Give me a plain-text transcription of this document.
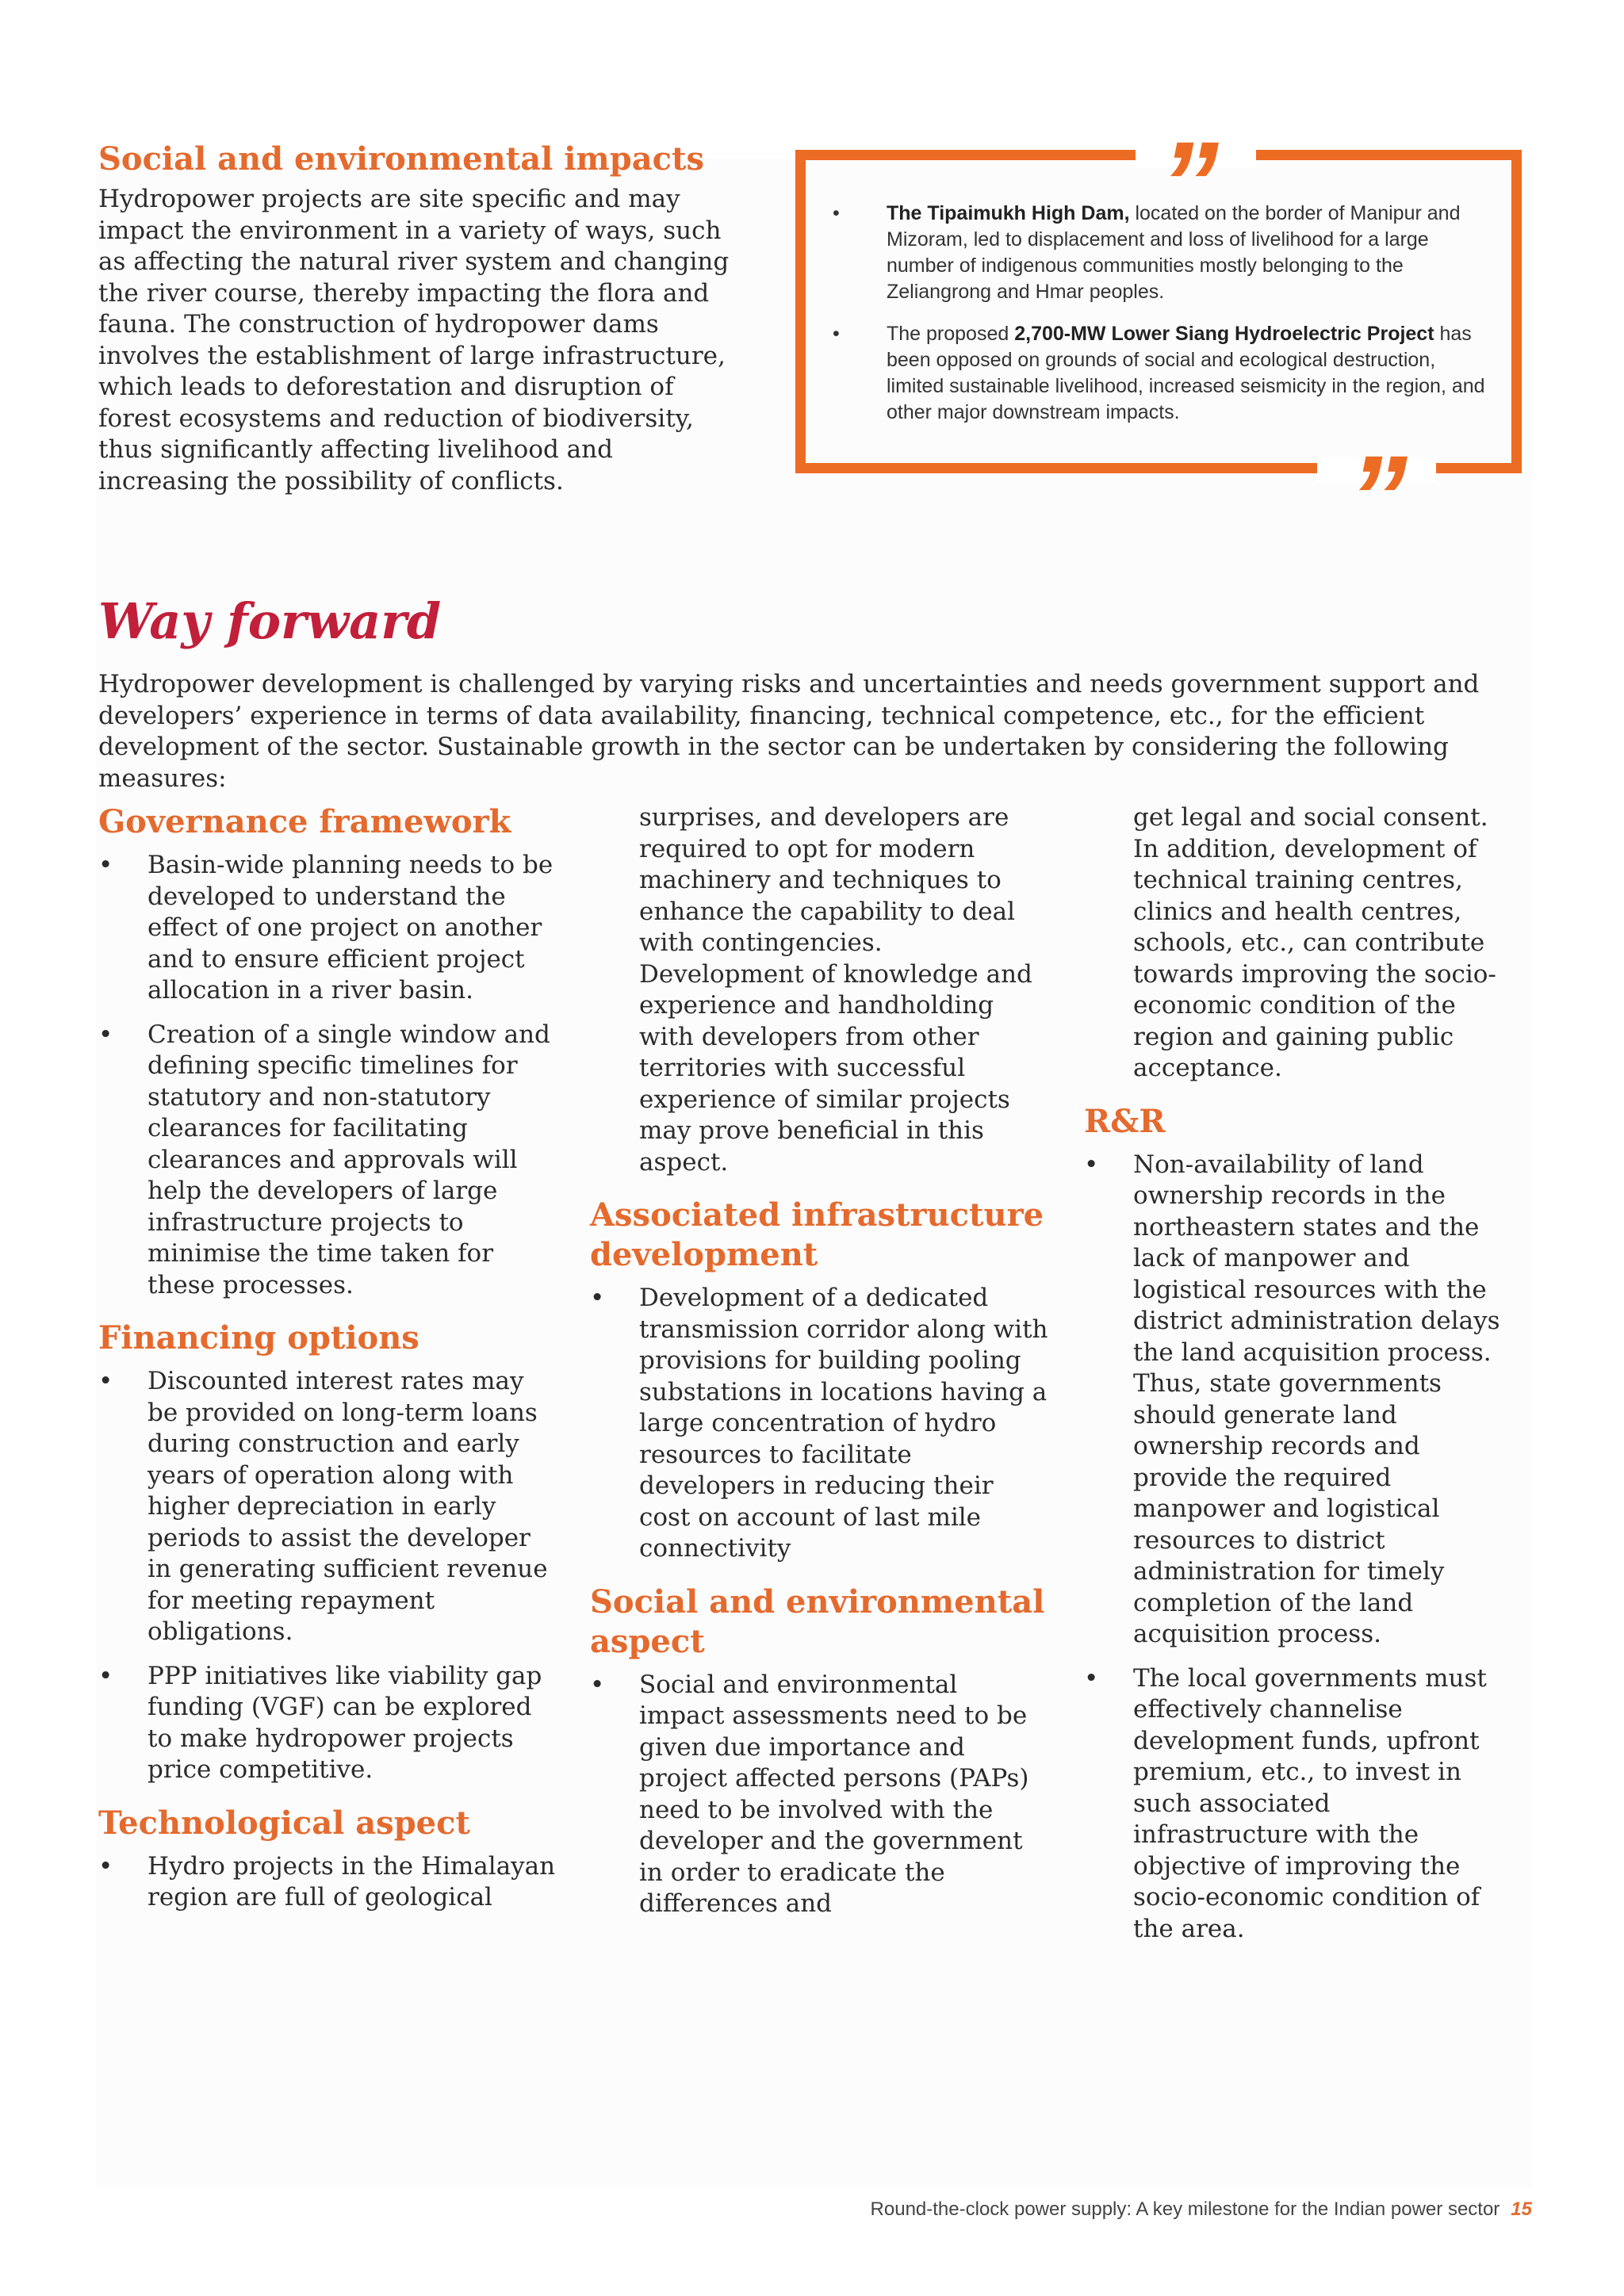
Social and environmental impacts

Hydropower projects are site specific and may impact the environment in a variety of ways, such as affecting the natural river system and changing the river course, thereby impacting the flora and fauna. The construction of hydropower dams involves the establishment of large infrastructure, which leads to deforestation and disruption of forest ecosystems and reduction of biodiversity, thus significantly affecting livelihood and increasing the possibility of conflicts.

”
”
• The Tipaimukh High Dam, located on the border of Manipur and Mizoram, led to displacement and loss of livelihood for a large number of indigenous communities mostly belonging to the Zeliangrong and Hmar peoples.
• The proposed 2,700-MW Lower Siang Hydroelectric Project has been opposed on grounds of social and ecological destruction, limited sustainable livelihood, increased seismicity in the region, and other major downstream impacts.
Way forward

Hydropower development is challenged by varying risks and uncertainties and needs government support and developers’ experience in terms of data availability, financing, technical competence, etc., for the efficient development of the sector. Sustainable growth in the sector can be undertaken by considering the following measures:

Governance framework
• Basin-wide planning needs to be developed to understand the effect of one project on another and to ensure efficient project allocation in a river basin.
• Creation of a single window and defining specific timelines for statutory and non-statutory clearances for facilitating clearances and approvals will help the developers of large infrastructure projects to minimise the time taken for these processes.
Financing options
• Discounted interest rates may be provided on long-term loans during construction and early years of operation along with higher depreciation in early periods to assist the developer in generating sufficient revenue for meeting repayment obligations.
• PPP initiatives like viability gap funding (VGF) can be explored to make hydropower projects price competitive.
Technological aspect
• Hydro projects in the Himalayan region are full of geological

surprises, and developers are required to opt for modern machinery and techniques to enhance the capability to deal with contingencies. Development of knowledge and experience and handholding with developers from other territories with successful experience of similar projects may prove beneficial in this aspect.

Associated infrastructure development
• Development of a dedicated transmission corridor along with provisions for building pooling substations in locations having a large concentration of hydro resources to facilitate developers in reducing their cost on account of last mile connectivity
Social and environmental aspect
• Social and environmental impact assessments need to be given due importance and project affected persons (PAPs) need to be involved with the developer and the government in order to eradicate the differences and

get legal and social consent. In addition, development of technical training centres, clinics and health centres, schools, etc., can contribute towards improving the socio-economic condition of the region and gaining public acceptance.

R&R
• Non-availability of land ownership records in the northeastern states and the lack of manpower and logistical resources with the district administration delays the land acquisition process. Thus, state governments should generate land ownership records and provide the required manpower and logistical resources to district administration for timely completion of the land acquisition process.
• The local governments must effectively channelise development funds, upfront premium, etc., to invest in such associated infrastructure with the objective of improving the socio-economic condition of the area.
Round-the-clock power supply: A key milestone for the Indian power sector 15
